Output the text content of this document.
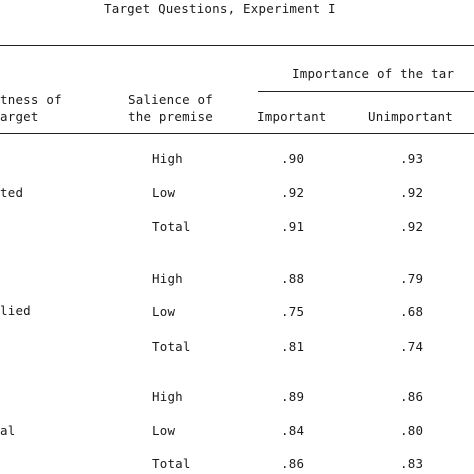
Target Questions, Experiment I
Importance of the tar
tness of
arget
Salience of
the premise	Important	Unimportant
ted
High	.90	.93
Low	.92	.92
Total	.91	.92
lied
High	.88	.79
Low	.75	.68
Total	.81	.74
al
High	.89	.86
Low	.84	.80
Total	.86	.83
